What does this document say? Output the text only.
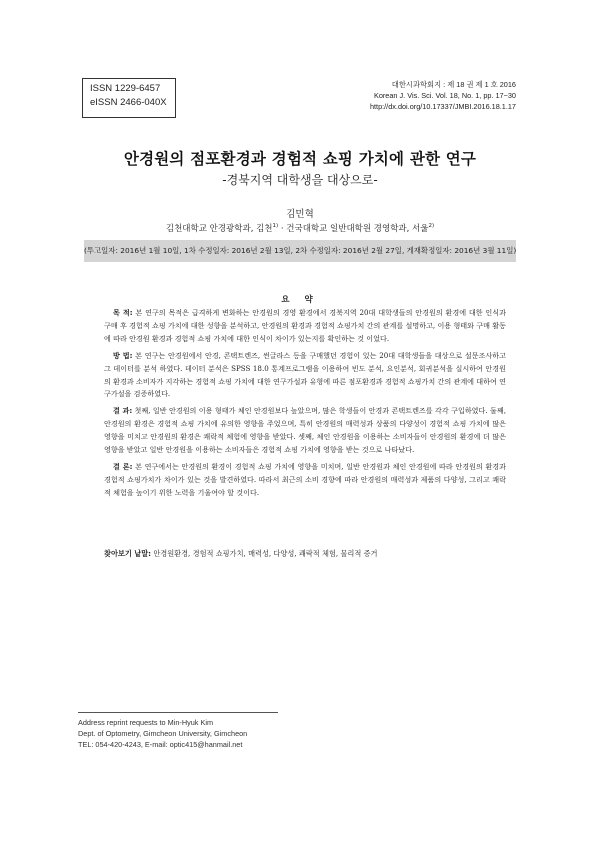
ISSN 1229-6457
eISSN 2466-040X
대한시과학회지 : 제 18 권 제 1 호 2016
Korean J. Vis. Sci. Vol. 18, No. 1, pp. 17~30
http://dx.doi.org/10.17337/JMBI.2016.18.1.17
안경원의 점포환경과 경험적 쇼핑 가치에 관한 연구
-경북지역 대학생을 대상으로-
김민혁
김천대학교 안경광학과, 김천$^{1)}$ · 건국대학교 일반대학원 경영학과, 서울$^{2)}$
(투고일자: 2016년 1월 10일, 1차 수정일자: 2016년 2월 13일, 2차 수정일자: 2016년 2월 27일, 게재확정일자: 2016년 3월 11일)
요 약

목 적: 본 연구의 목적은 급격하게 변화하는 안경원의 경영 환경에서 경북지역 20대 대학생들의 안경원의 환경에 대한 인식과 구매 후 경험적 쇼핑 가치에 대한 성향을 분석하고, 안경원의 환경과 경험적 쇼핑가치 간의 관계를 설명하고, 이용 형태와 구매 활동에 따라 안경원 환경과 경험적 쇼핑 가치에 대한 인식이 차이가 있는지를 확인하는 것 이었다.

방 법: 본 연구는 안경원에서 안경, 콘택트렌즈, 썬글라스 등을 구매했던 경험이 있는 20대 대학생들을 대상으로 설문조사하고 그 데이터를 분석 하였다. 데이터 분석은 SPSS 18.0 통계프로그램을 이용하여 빈도 분석, 요인분석, 회귀분석을 실시하여 안경원의 환경과 소비자가 지각하는 경험적 쇼핑 가치에 대한 연구가설과 유형에 따른 점포환경과 경험적 쇼핑가치 간의 관계에 대하여 연구가설을 검증하였다.

결 과: 첫째, 일반 안경원의 이용 형태가 체인 안경원보다 높았으며, 많은 학생들이 안경과 콘택트렌즈를 각각 구입하였다. 둘째, 안경원의 환경은 경험적 쇼핑 가치에 유의한 영향을 주었으며, 특히 안경원의 매력성과 상품의 다양성이 경험적 쇼핑 가치에 많은 영향을 미치고 안경원의 환경은 쾌락적 체험에 영향을 받았다. 셋째, 체인 안경원을 이용하는 소비자들이 안경원의 환경에 더 많은 영향을 받았고 일반 안경원을 이용하는 소비자들은 경험적 쇼핑 가치에 영향을 받는 것으로 나타났다.

결 론: 본 연구에서는 안경원의 환경이 경험적 쇼핑 가치에 영향을 미치며, 일반 안경원과 체인 안경원에 따라 안경원의 환경과 경험적 쇼핑가치가 차이가 있는 것을 발견하였다. 따라서 최근의 소비 경향에 따라 안경원의 매력성과 제품의 다양성, 그리고 쾌락적 체험을 높이기 위한 노력을 기울여야 할 것이다.

찾아보기 낱말: 안경원환경, 경험적 쇼핑가치, 매력성, 다양성, 쾌락적 체험, 물리적 증거
Address reprint requests to Min-Hyuk Kim
Dept. of Optometry, Gimcheon University, Gimcheon
TEL: 054-420-4243, E-mail: optic415@hanmail.net
